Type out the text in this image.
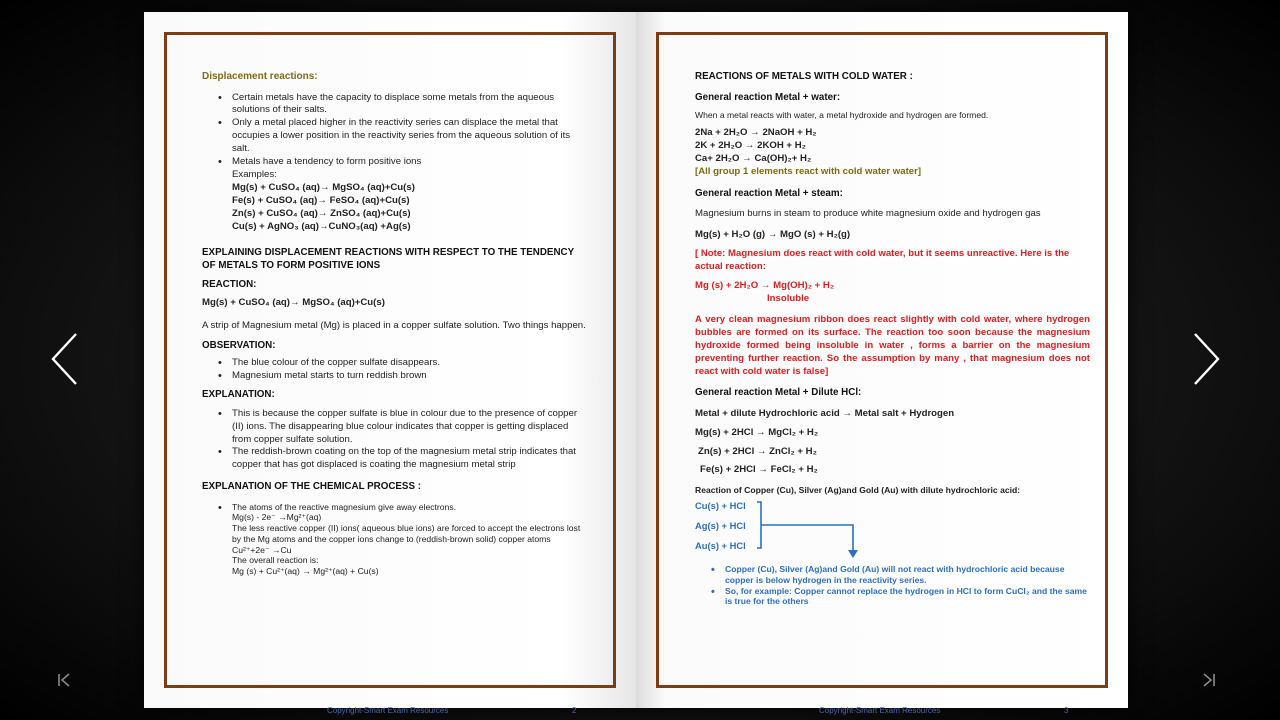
Displacement reactions:
• Certain metals have the capacity to displace some metals from the aqueous solutions of their salts.
• Only a metal placed higher in the reactivity series can displace the metal that occupies a lower position in the reactivity series from the aqueous solution of its salt.
• Metals have a tendency to form positive ions
Examples:
Mg(s) + CuSO₄ (aq)→ MgSO₄ (aq)+Cu(s)
Fe(s) + CuSO₄ (aq)→ FeSO₄ (aq)+Cu(s)
Zn(s) + CuSO₄ (aq)→ ZnSO₄ (aq)+Cu(s)
Cu(s) + AgNO₃ (aq)→CuNO₃(aq) +Ag(s)
EXPLAINING DISPLACEMENT REACTIONS WITH RESPECT TO THE TENDENCY OF METALS TO FORM POSITIVE IONS
REACTION:
Mg(s) + CuSO₄ (aq)→ MgSO₄ (aq)+Cu(s)
A strip of Magnesium metal (Mg) is placed in a copper sulfate solution. Two things happen.
OBSERVATION:
• The blue colour of the copper sulfate disappears.
• Magnesium metal starts to turn reddish brown
EXPLANATION:
• This is because the copper sulfate is blue in colour due to the presence of copper (II) ions. The disappearing blue colour indicates that copper is getting displaced from copper sulfate solution.
• The reddish-brown coating on the top of the magnesium metal strip indicates that copper that has got displaced is coating the magnesium metal strip
EXPLANATION OF THE CHEMICAL PROCESS :
• The atoms of the reactive magnesium give away electrons.
Mg(s) - 2e⁻ →Mg²⁺(aq)
The less reactive copper (II) ions( aqueous blue ions) are forced to accept the electrons lost by the Mg atoms and the copper ions change to (reddish-brown solid) copper atoms
Cu²⁺+2e⁻ →Cu
The overall reaction is:
Mg (s) + Cu²⁺(aq) → Mg²⁺(aq) + Cu(s)
Copyright-Smart Exam Resources	2
REACTIONS OF METALS WITH COLD WATER :
General reaction Metal + water:
When a metal reacts with water, a metal hydroxide and hydrogen are formed.
2Na + 2H₂O → 2NaOH + H₂
2K + 2H₂O → 2KOH + H₂
Ca+ 2H₂O → Ca(OH)₂+ H₂
[All group 1 elements react with cold water water]
General reaction Metal + steam:
Magnesium burns in steam to produce white magnesium oxide and hydrogen gas
Mg(s) + H₂O (g) → MgO (s) + H₂(g)
[ Note: Magnesium does react with cold water, but it seems unreactive. Here is the actual reaction:
Mg (s) + 2H₂O → Mg(OH)₂ + H₂
Insoluble
A very clean magnesium ribbon does react slightly with cold water, where hydrogen bubbles are formed on its surface. The reaction too soon because the magnesium hydroxide formed being insoluble in water , forms a barrier on the magnesium preventing further reaction. So the assumption by many , that magnesium does not react with cold water is false]
General reaction Metal + Dilute HCl:
Metal + dilute Hydrochloric acid → Metal salt + Hydrogen
Mg(s) + 2HCl → MgCl₂ + H₂
Zn(s) + 2HCl → ZnCl₂ + H₂
Fe(s) + 2HCl → FeCl₂ + H₂
Reaction of Copper (Cu), Silver (Ag)and Gold (Au) with dilute hydrochloric acid:
Cu(s) + HCl
Ag(s) + HCl
Au(s) + HCl
• Copper (Cu), Silver (Ag)and Gold (Au) will not react with hydrochloric acid because copper is below hydrogen in the reactivity series.
• So, for example: Copper cannot replace the hydrogen in HCl to form CuCl₂ and the same is true for the others
Copyright-Smart Exam Resources	3
